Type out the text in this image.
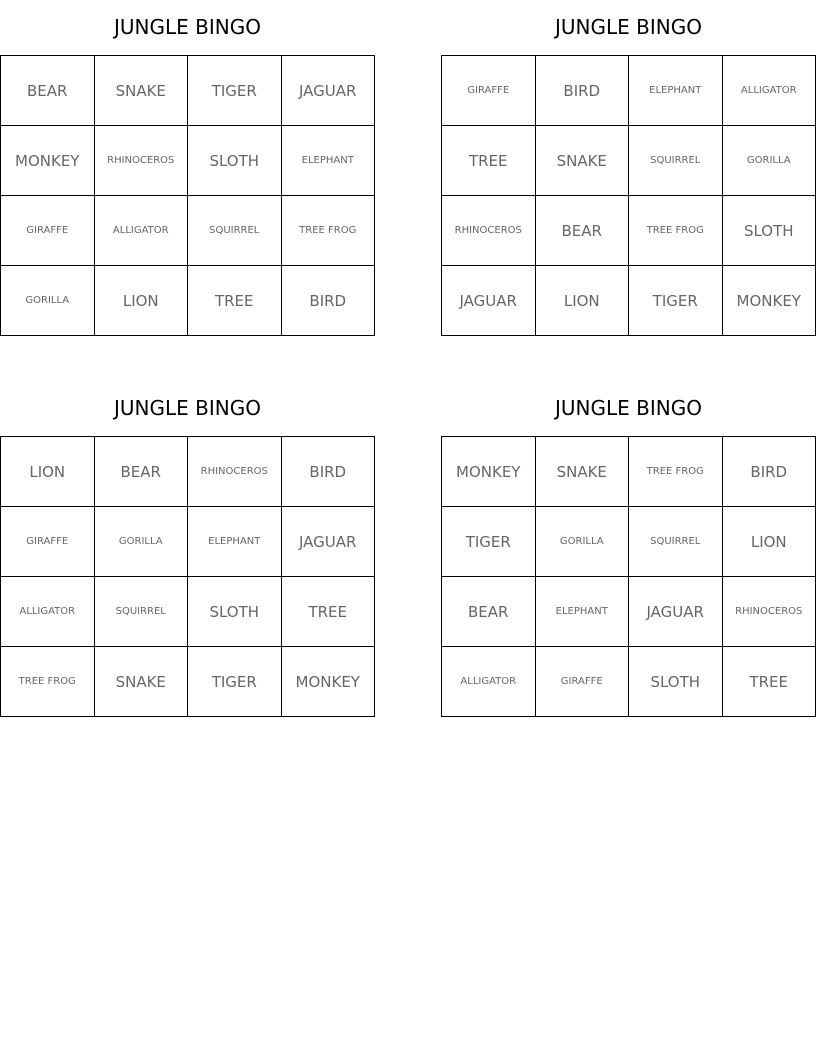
JUNGLE BINGO
BEAR	SNAKE	TIGER	JAGUAR
MONKEY	RHINOCEROS	SLOTH	ELEPHANT
GIRAFFE	ALLIGATOR	SQUIRREL	TREE FROG
GORILLA	LION	TREE	BIRD
JUNGLE BINGO
GIRAFFE	BIRD	ELEPHANT	ALLIGATOR
TREE	SNAKE	SQUIRREL	GORILLA
RHINOCEROS	BEAR	TREE FROG	SLOTH
JAGUAR	LION	TIGER	MONKEY
JUNGLE BINGO
LION	BEAR	RHINOCEROS	BIRD
GIRAFFE	GORILLA	ELEPHANT	JAGUAR
ALLIGATOR	SQUIRREL	SLOTH	TREE
TREE FROG	SNAKE	TIGER	MONKEY
JUNGLE BINGO
MONKEY	SNAKE	TREE FROG	BIRD
TIGER	GORILLA	SQUIRREL	LION
BEAR	ELEPHANT	JAGUAR	RHINOCEROS
ALLIGATOR	GIRAFFE	SLOTH	TREE
